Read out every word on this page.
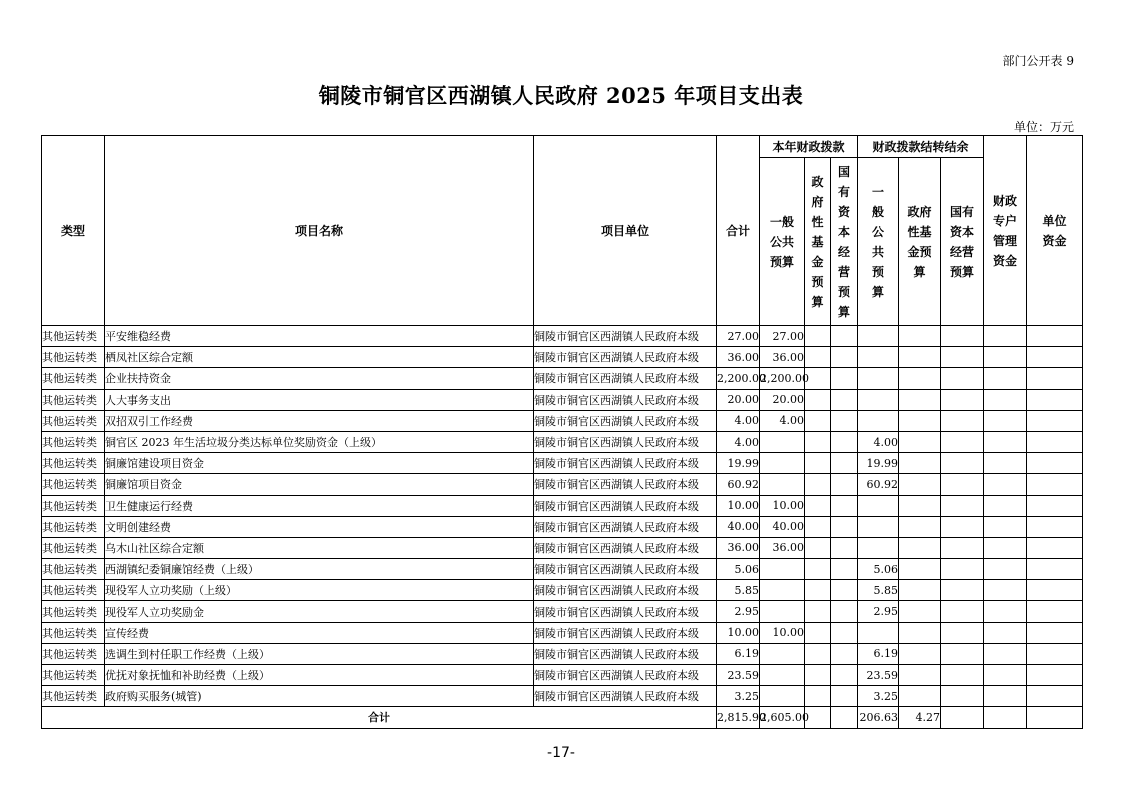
部门公开表 9
铜陵市铜官区西湖镇人民政府 2025 年项目支出表
单位：万元
类型	项目名称	项目单位	合计	本年财政拨款			财政拨款结转结余			财政专户管理资金	单位资金
				一般公共预算	政府性基金预算	国有资本经营预算	一般公共预算	政府性基金预算	国有资本经营预算		
其他运转类	平安维稳经费	铜陵市铜官区西湖镇人民政府本级	27.00	27.00							
其他运转类	栖凤社区综合定额	铜陵市铜官区西湖镇人民政府本级	36.00	36.00							
其他运转类	企业扶持资金	铜陵市铜官区西湖镇人民政府本级	2,200.00	2,200.00							
其他运转类	人大事务支出	铜陵市铜官区西湖镇人民政府本级	20.00	20.00							
其他运转类	双招双引工作经费	铜陵市铜官区西湖镇人民政府本级	4.00	4.00							
其他运转类	铜官区 2023 年生活垃圾分类达标单位奖励资金（上级）	铜陵市铜官区西湖镇人民政府本级	4.00				4.00				
其他运转类	铜廉馆建设项目资金	铜陵市铜官区西湖镇人民政府本级	19.99				19.99				
其他运转类	铜廉馆项目资金	铜陵市铜官区西湖镇人民政府本级	60.92				60.92				
其他运转类	卫生健康运行经费	铜陵市铜官区西湖镇人民政府本级	10.00	10.00							
其他运转类	文明创建经费	铜陵市铜官区西湖镇人民政府本级	40.00	40.00							
其他运转类	乌木山社区综合定额	铜陵市铜官区西湖镇人民政府本级	36.00	36.00							
其他运转类	西湖镇纪委铜廉馆经费（上级）	铜陵市铜官区西湖镇人民政府本级	5.06				5.06				
其他运转类	现役军人立功奖励（上级）	铜陵市铜官区西湖镇人民政府本级	5.85				5.85				
其他运转类	现役军人立功奖励金	铜陵市铜官区西湖镇人民政府本级	2.95				2.95				
其他运转类	宣传经费	铜陵市铜官区西湖镇人民政府本级	10.00	10.00							
其他运转类	选调生到村任职工作经费（上级）	铜陵市铜官区西湖镇人民政府本级	6.19				6.19				
其他运转类	优抚对象抚恤和补助经费（上级）	铜陵市铜官区西湖镇人民政府本级	23.59				23.59				
其他运转类	政府购买服务(城管)	铜陵市铜官区西湖镇人民政府本级	3.25				3.25				
合计			2,815.90	2,605.00			206.63	4.27			
-17-
